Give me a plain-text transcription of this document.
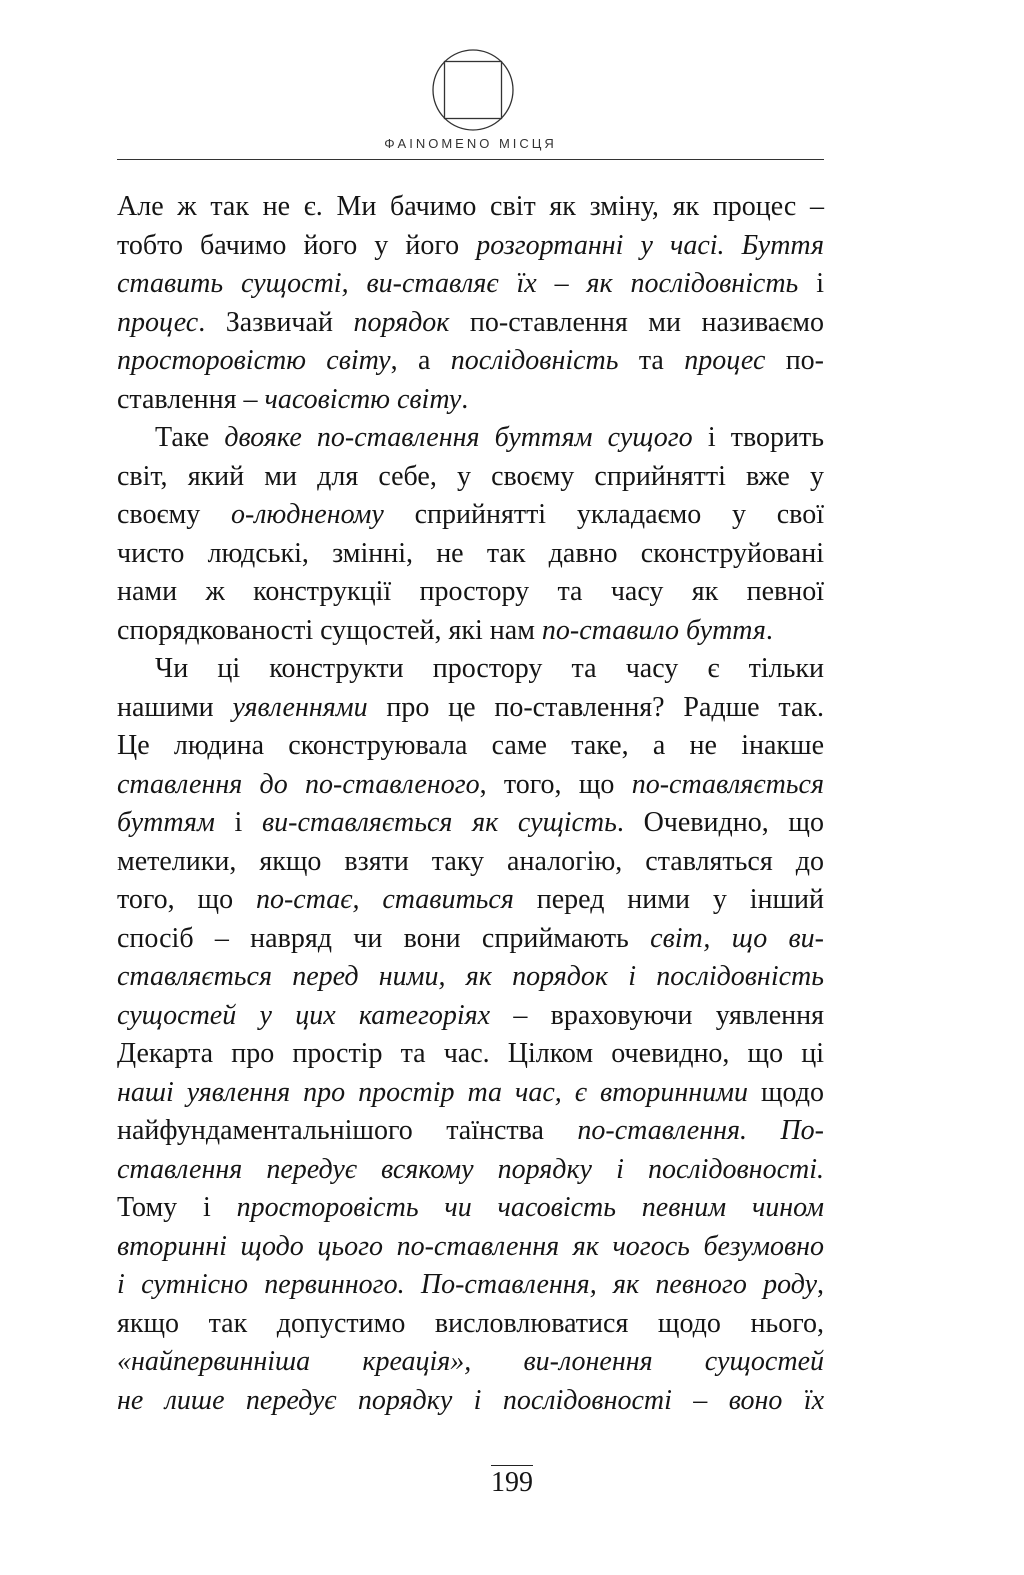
ΦAINOMENO МІСЦЯ
Але ж так не є. Ми бачимо світ як зміну, як процес –
тобто бачимо його у його розгортанні у часі. Буття
ставить сущості, ви-ставляє їх – як послідовність і
процес. Зазвичай порядок по-ставлення ми називаємо
просторовістю світу, а послідовність та процес по-
ставлення – часовістю світу.
Таке двояке по-ставлення буттям сущого і творить
світ, який ми для себе, у своєму сприйнятті вже у
своєму о-людненому сприйнятті укладаємо у свої
чисто людські, змінні, не так давно сконструйовані
нами ж конструкції простору та часу як певної
спорядкованості сущостей, які нам по-ставило буття.
Чи ці конструкти простору та часу є тільки
нашими уявленнями про це по-ставлення? Радше так.
Це людина сконструювала саме таке, а не інакше
ставлення до по-ставленого, того, що по-ставляється
буттям і ви-ставляється як сущість. Очевидно, що
метелики, якщо взяти таку аналогію, ставляться до
того, що по-стає, ставиться перед ними у інший
спосіб – навряд чи вони сприймають світ, що ви-
ставляється перед ними, як порядок і послідовність
сущостей у цих категоріях – враховуючи уявлення
Декарта про простір та час. Цілком очевидно, що ці
наші уявлення про простір та час, є вторинними щодо
найфундаментальнішого таїнства по-ставлення. По-
ставлення передує всякому порядку і послідовності.
Тому і просторовість чи часовість певним чином
вторинні щодо цього по-ставлення як чогось безумовно
і сутнісно первинного. По-ставлення, як певного роду,
якщо так допустимо висловлюватися щодо нього,
«найпервинніша креація», ви-лонення сущостей
не лише передує порядку і послідовності – воно їх
199
